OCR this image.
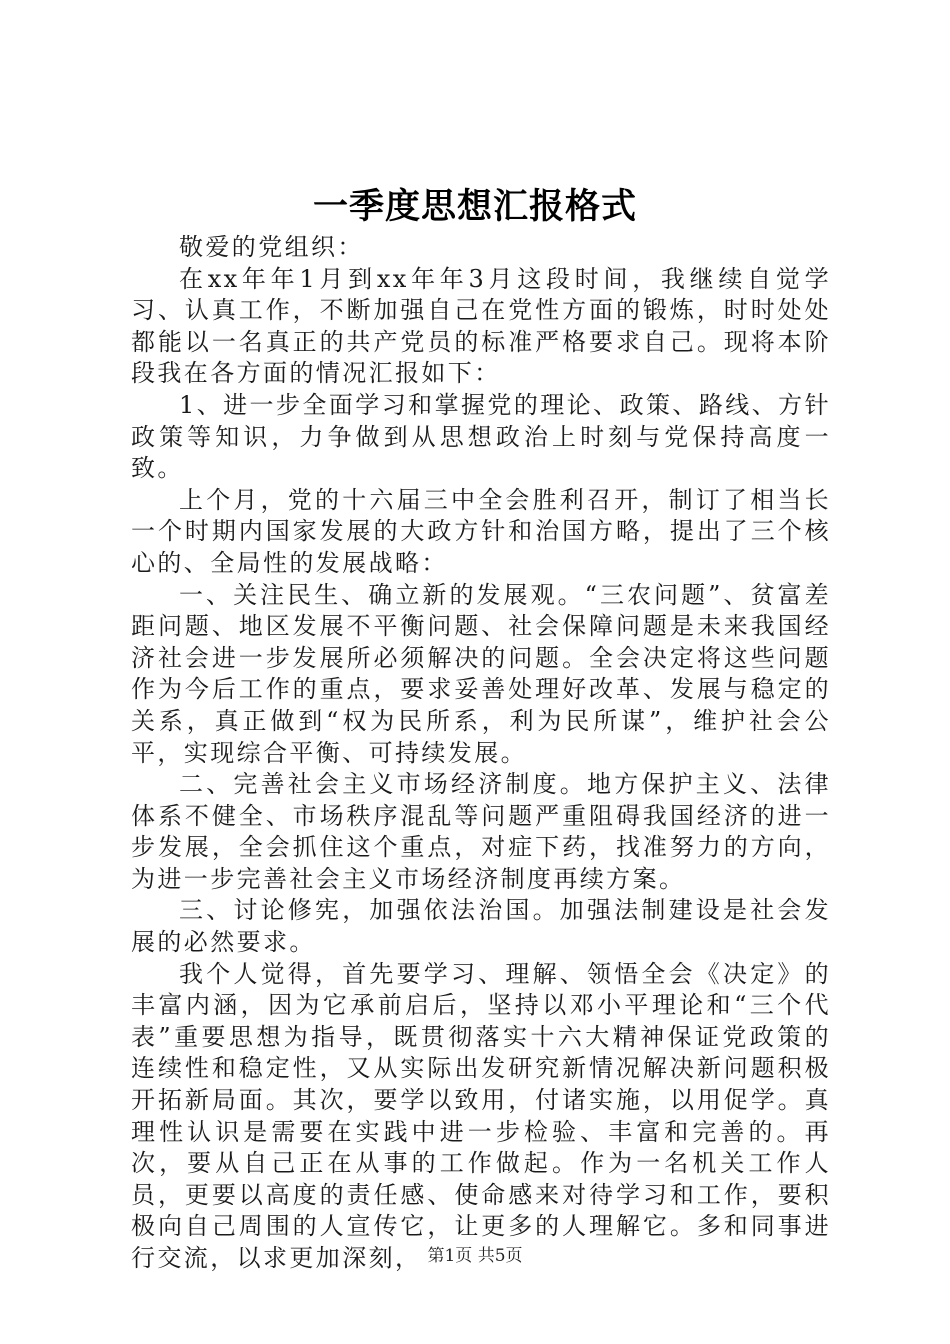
一季度思想汇报格式

敬爱的党组织：

在xx年年1月到xx年年3月这段时间，我继续自觉学习、认真工作，不断加强自己在党性方面的锻炼，时时处处都能以一名真正的共产党员的标准严格要求自己。现将本阶段我在各方面的情况汇报如下：

1、进一步全面学习和掌握党的理论、政策、路线、方针政策等知识，力争做到从思想政治上时刻与党保持高度一致。

上个月，党的十六届三中全会胜利召开，制订了相当长一个时期内国家发展的大政方针和治国方略，提出了三个核心的、全局性的发展战略：

一、关注民生、确立新的发展观。“三农问题”、贫富差距问题、地区发展不平衡问题、社会保障问题是未来我国经济社会进一步发展所必须解决的问题。全会决定将这些问题作为今后工作的重点，要求妥善处理好改革、发展与稳定的关系，真正做到“权为民所系，利为民所谋”，维护社会公平，实现综合平衡、可持续发展。

二、完善社会主义市场经济制度。地方保护主义、法律体系不健全、市场秩序混乱等问题严重阻碍我国经济的进一步发展，全会抓住这个重点，对症下药，找准努力的方向，为进一步完善社会主义市场经济制度再续方案。

三、讨论修宪，加强依法治国。加强法制建设是社会发展的必然要求。

我个人觉得，首先要学习、理解、领悟全会《决定》的丰富内涵，因为它承前启后，坚持以邓小平理论和“三个代表”重要思想为指导，既贯彻落实十六大精神保证党政策的连续性和稳定性，又从实际出发研究新情况解决新问题积极开拓新局面。其次，要学以致用，付诸实施，以用促学。真理性认识是需要在实践中进一步检验、丰富和完善的。再次，要从自己正在从事的工作做起。作为一名机关工作人员，更要以高度的责任感、使命感来对待学习和工作，要积极向自己周围的人宣传它，让更多的人理解它。多和同事进行交流，以求更加深刻， 第1页 共5页
